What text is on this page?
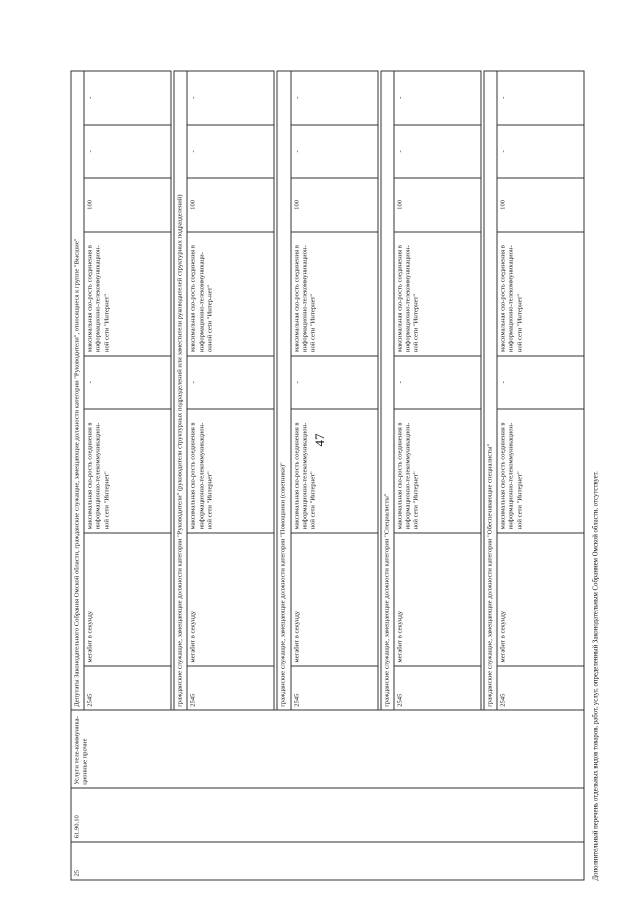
47
25	61.90.10	Услуги теле-коммуника-ционные прочие	Депутаты Законодательного Собрания Омской области, гражданские служащие, замещающие должности категории "Руководители", относящиеся к группе "Высшие"							
			2545	мегабит в секунду	максимальная ско-рость соединения в информационно-телекоммуникацион-ной сети "Интернет"	-	максимальная ско-рость соединения в информационно-телекоммуникацион-ной сети "Интернет"	100	-	-

			гражданские служащие, замещающие должности категории "Руководители" (руководители структурных подразделений или заместители руководителей структурных подразделений)							
			2545	мегабит в секунду	максимальная ско-рость соединения в информационно-телекоммуникацион-ной сети "Интернет"	-	максимальная ско-рость соединения в информационно-телекоммуникаци-онной сети "Интер-нет"	100	-	-

			гражданские служащие, замещающие должности категории "Помощники (советники)"							
			2545	мегабит в секунду	максимальная ско-рость соединения в информационно-телекоммуникацион-ной сети "Интернет"	-	максимальная ско-рость соединения в информационно-телекоммуникацион-ной сети "Интернет"	100	-	-

			гражданские служащие, замещающие должности категории "Специалисты"							
			2545	мегабит в секунду	максимальная ско-рость соединения в информационно-телекоммуникацион-ной сети "Интернет"	-	максимальная ско-рость соединения в информационно-телекоммуникацион-ной сети "Интернет"	100	-	-

			гражданские служащие, замещающие должности категории "Обеспечивающие специалисты"							
			2545	мегабит в секунду	максимальная ско-рость соединения в информационно-телекоммуникацион-ной сети "Интернет"	-	максимальная ско-рость соединения в информационно-телекоммуникацион-ной сети "Интернет"	100	-	-
Дополнительный перечень отдельных видов товаров, работ, услуг, определенный Законодательным Собранием Омской области, отсутствует.
